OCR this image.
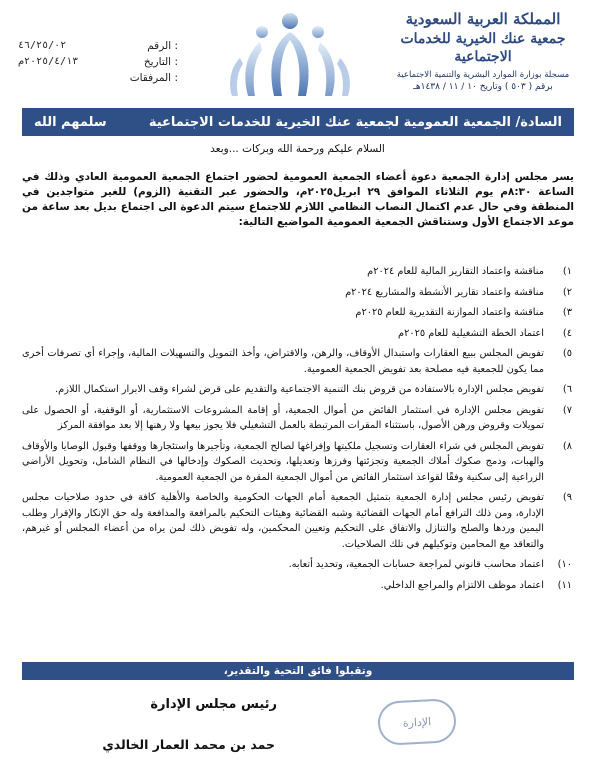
المملكة العربية السعودية
جمعية عنك الخيرية للخدمات الاجتماعية
مسجلة بوزارة الموارد البشرية والتنمية الاجتماعية
برقم ( ٥٠٣ ) وتاريخ ١٠ / ١١ / ١٤٣٨هـ
٤٦/٢٥/٠٢	الرقم :
٢٠٢٥/٤/١٣م	التاريخ :
المرفقات :
السادة/ الجمعية العمومية لجمعية عنك الخيرية للخدمات الاجتماعية
سلمهم الله
السلام عليكم ورحمة الله وبركات ...وبعد
يسر مجلس إدارة الجمعية دعوة أعضاء الجمعية العمومية لحضور اجتماع الجمعية العمومية العادي وذلك في الساعة ٨:٣٠م يوم الثلاثاء الموافق ٢٩ ابريل٢٠٢٥م، والحضور عبر التقنية (الزوم) للغير متواجدين في المنطقة وفي حال عدم اكتمال النصاب النظامي اللازم للاجتماع سيتم الدعوة الى اجتماع بديل بعد ساعة من موعد الاجتماع الأول وستناقش الجمعية العمومية المواضيع التالية:
١)
مناقشة واعتماد التقارير المالية للعام ٢٠٢٤م
٢)
مناقشة واعتماد تقارير الأنشطة والمشاريع ٢٠٢٤م
٣)
مناقشة واعتماد الموازنة التقديرية للعام ٢٠٢٥م
٤)
اعتماد الخطة التشغيلية للعام ٢٠٢٥م
٥)
تفويض المجلس ببيع العقارات واستبدال الأوقاف، والرهن، والاقتراض، وأخذ التمويل والتسهيلات المالية، وإجراء أي تصرفات أخرى مما يكون للجمعية فيه مصلحة بعد تفويض الجمعية العمومية.
٦)
تفويض مجلس الإدارة بالاستفادة من قروض بنك التنمية الاجتماعية والتقديم على قرض لشراء وقف الابرار استكمال اللازم.
٧)
تفويض مجلس الإدارة في استثمار الفائض من أموال الجمعية، أو إقامة المشروعات الاستثمارية، أو الوقفية، أو الحصول على تمويلات وقروض ورهن الأصول، باستثناء المقرات المرتبطة بالعمل التشغيلي فلا يجوز بيعها ولا رهنها إلا بعد موافقة المركز
٨)
تفويض المجلس في شراء العقارات وتسجيل ملكيتها وإفراغها لصالح الجمعية، وتأجيرها واستئجارها ووقفها وقبول الوصايا والأوقاف والهبات، ودمج صكوك أملاك الجمعية وتجزئتها وفرزها وتعديلها، وتحديث الصكوك وإدخالها في النظام الشامل، وتحويل الأراضي الزراعية إلى سكنية وفقًا لقواعد استثمار الفائض من أموال الجمعية المقرة من الجمعية العمومية.
٩)
تفويض رئيس مجلس إدارة الجمعية بتمثيل الجمعية أمام الجهات الحكومية والخاصة والأهلية كافة في حدود صلاحيات مجلس الإدارة، ومن ذلك الترافع أمام الجهات القضائية وشبه القضائية وهيئات التحكيم بالمرافعة والمدافعة وله حق الإنكار والإقرار وطلب اليمين وردها والصلح والتنازل والاتفاق على التحكيم وتعيين المحكمين، وله تفويض ذلك لمن يراه من أعضاء المجلس أو غيرهم، والتعاقد مع المحامين وتوكيلهم في تلك الصلاحيات.
١٠)
اعتماد محاسب قانوني لمراجعة حسابات الجمعية، وتحديد أتعابه.
١١)
اعتماد موظف الالتزام والمراجع الداخلي.
وتقبلوا فائق التحية والتقدير،
رئيس مجلس الإدارة
الإدارة
حمد بن محمد العمار الخالدي
